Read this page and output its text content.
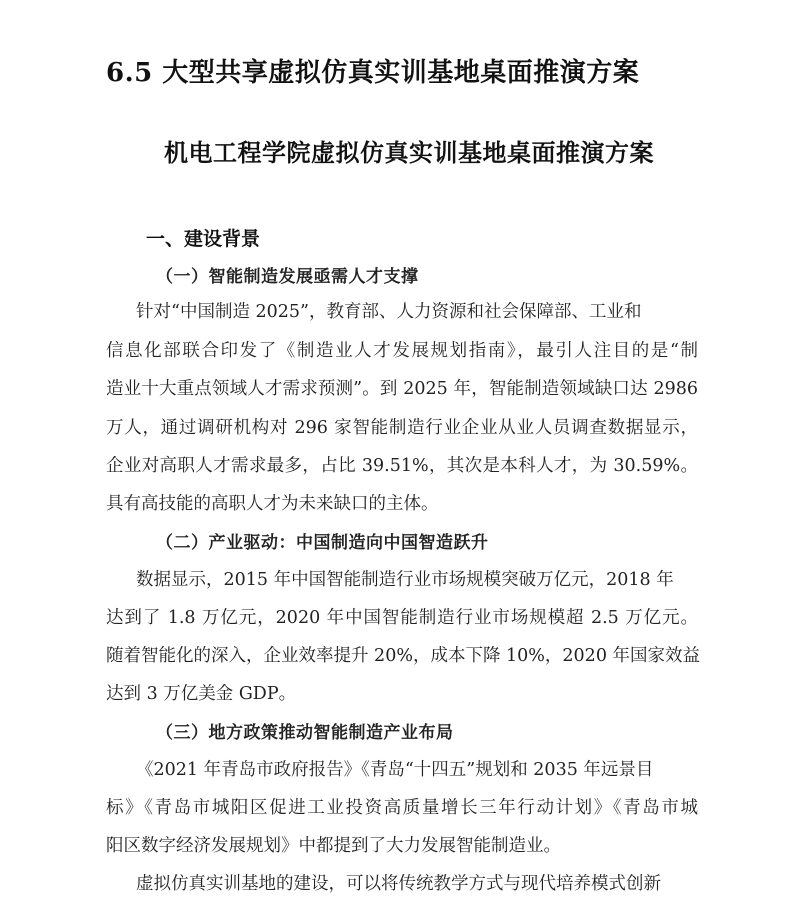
6.5 大型共享虚拟仿真实训基地桌面推演方案
机电工程学院虚拟仿真实训基地桌面推演方案
一、建设背景
（一）智能制造发展亟需人才支撑

针对“中国制造 2025”，教育部、人力资源和社会保障部、工业和

信息化部联合印发了《制造业人才发展规划指南》，最引人注目的是“制

造业十大重点领域人才需求预测”。到 2025 年，智能制造领域缺口达 2986

万人，通过调研机构对 296 家智能制造行业企业从业人员调查数据显示，

企业对高职人才需求最多，占比 39.51%，其次是本科人才，为 30.59%。

具有高技能的高职人才为未来缺口的主体。

（二）产业驱动：中国制造向中国智造跃升

数据显示，2015 年中国智能制造行业市场规模突破万亿元，2018 年

达到了 1.8 万亿元，2020 年中国智能制造行业市场规模超 2.5 万亿元。

随着智能化的深入，企业效率提升 20%，成本下降 10%，2020 年国家效益

达到 3 万亿美金 GDP。

（三）地方政策推动智能制造产业布局

《2021 年青岛市政府报告》《青岛“十四五”规划和 2035 年远景目

标》《青岛市城阳区促进工业投资高质量增长三年行动计划》《青岛市城

阳区数字经济发展规划》中都提到了大力发展智能制造业。

虚拟仿真实训基地的建设，可以将传统教学方式与现代培养模式创新
